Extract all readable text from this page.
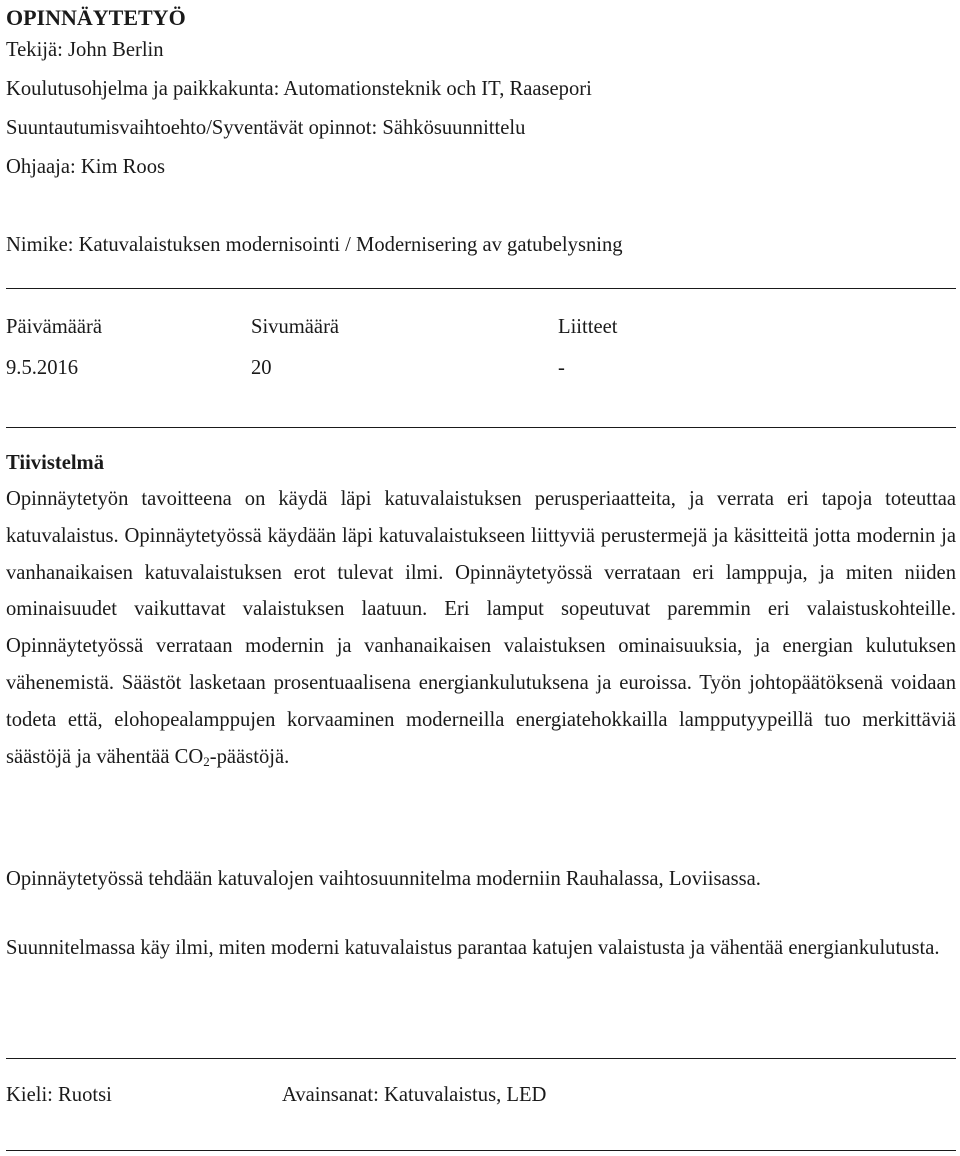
OPINNÄYTETYÖ
Tekijä: John Berlin
Koulutusohjelma ja paikkakunta: Automationsteknik och IT, Raasepori
Suuntautumisvaihtoehto/Syventävät opinnot: Sähkösuunnittelu
Ohjaaja: Kim Roos
Nimike: Katuvalaistuksen modernisointi / Modernisering av gatubelysning
Päivämäärä	Sivumäärä	Liitteet
9.5.2016	20	-
Tiivistelmä
Opinnäytetyön tavoitteena on käydä läpi katuvalaistuksen perusperiaatteita, ja verrata eri tapoja toteuttaa katuvalaistus. Opinnäytetyössä käydään läpi katuvalaistukseen liittyviä perustermejä ja käsitteitä jotta modernin ja vanhanaikaisen katuvalaistuksen erot tulevat ilmi. Opinnäytetyössä verrataan eri lamppuja, ja miten niiden ominaisuudet vaikuttavat valaistuksen laatuun. Eri lamput sopeutuvat paremmin eri valaistuskohteille. Opinnäytetyössä verrataan modernin ja vanhanaikaisen valaistuksen ominaisuuksia, ja energian kulutuksen vähenemistä. Säästöt lasketaan prosentuaalisena energiankulutuksena ja euroissa. Työn johtopäätöksenä voidaan todeta että, elohopealamppujen korvaaminen moderneilla energiatehokkailla lampputyypeillä tuo merkittäviä säästöjä ja vähentää $CO_2$-päästöjä.
Opinnäytetyössä tehdään katuvalojen vaihtosuunnitelma moderniin Rauhalassa, Loviisassa.
Suunnitelmassa käy ilmi, miten moderni katuvalaistus parantaa katujen valaistusta ja vähentää energiankulutusta.
Kieli: Ruotsi	Avainsanat: Katuvalaistus, LED
